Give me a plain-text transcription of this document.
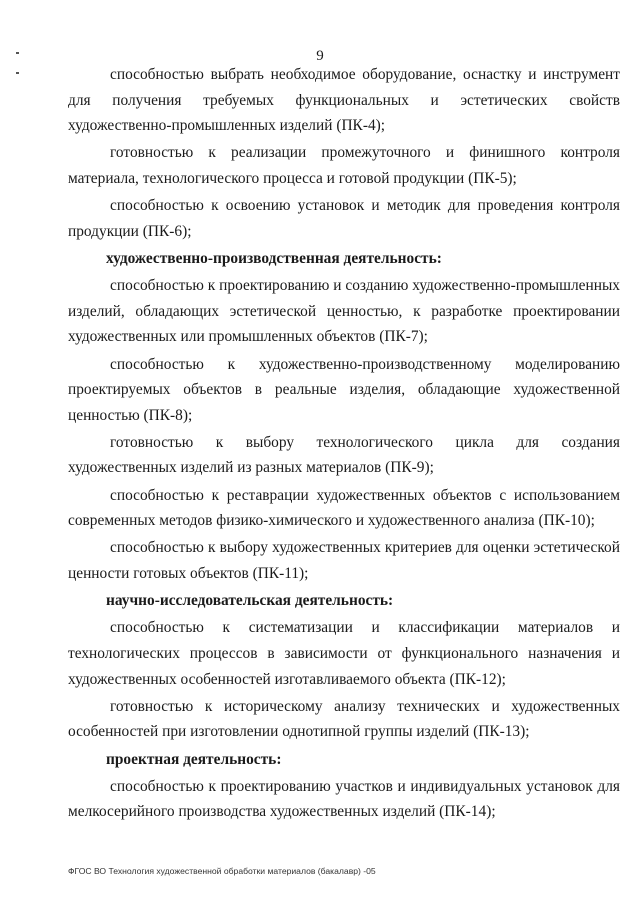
9

способностью выбрать необходимое оборудование, оснастку и инструмент для получения требуемых функциональных и эстетических свойств художественно-промышленных изделий (ПК-4);

готовностью к реализации промежуточного и финишного контроля материала, технологического процесса и готовой продукции (ПК-5);

способностью к освоению установок и методик для проведения контроля продукции (ПК-6);

художественно-производственная деятельность:

способностью к проектированию и созданию художественно-промышленных изделий, обладающих эстетической ценностью, к разработке проектировании художественных или промышленных объектов (ПК-7);

способностью к художественно-производственному моделированию проектируемых объектов в реальные изделия, обладающие художественной ценностью (ПК-8);

готовностью к выбору технологического цикла для создания художественных изделий из разных материалов (ПК-9);

способностью к реставрации художественных объектов с использованием современных методов физико-химического и художественного анализа (ПК-10);

способностью к выбору художественных критериев для оценки эстетической ценности готовых объектов (ПК-11);

научно-исследовательская деятельность:

способностью к систематизации и классификации материалов и технологических процессов в зависимости от функционального назначения и художественных особенностей изготавливаемого объекта (ПК-12);

готовностью к историческому анализу технических и художественных особенностей при изготовлении однотипной группы изделий (ПК-13);

проектная деятельность:

способностью к проектированию участков и индивидуальных установок для мелкосерийного производства художественных изделий (ПК-14);

ФГОС ВО Технология художественной обработки материалов (бакалавр) -05
